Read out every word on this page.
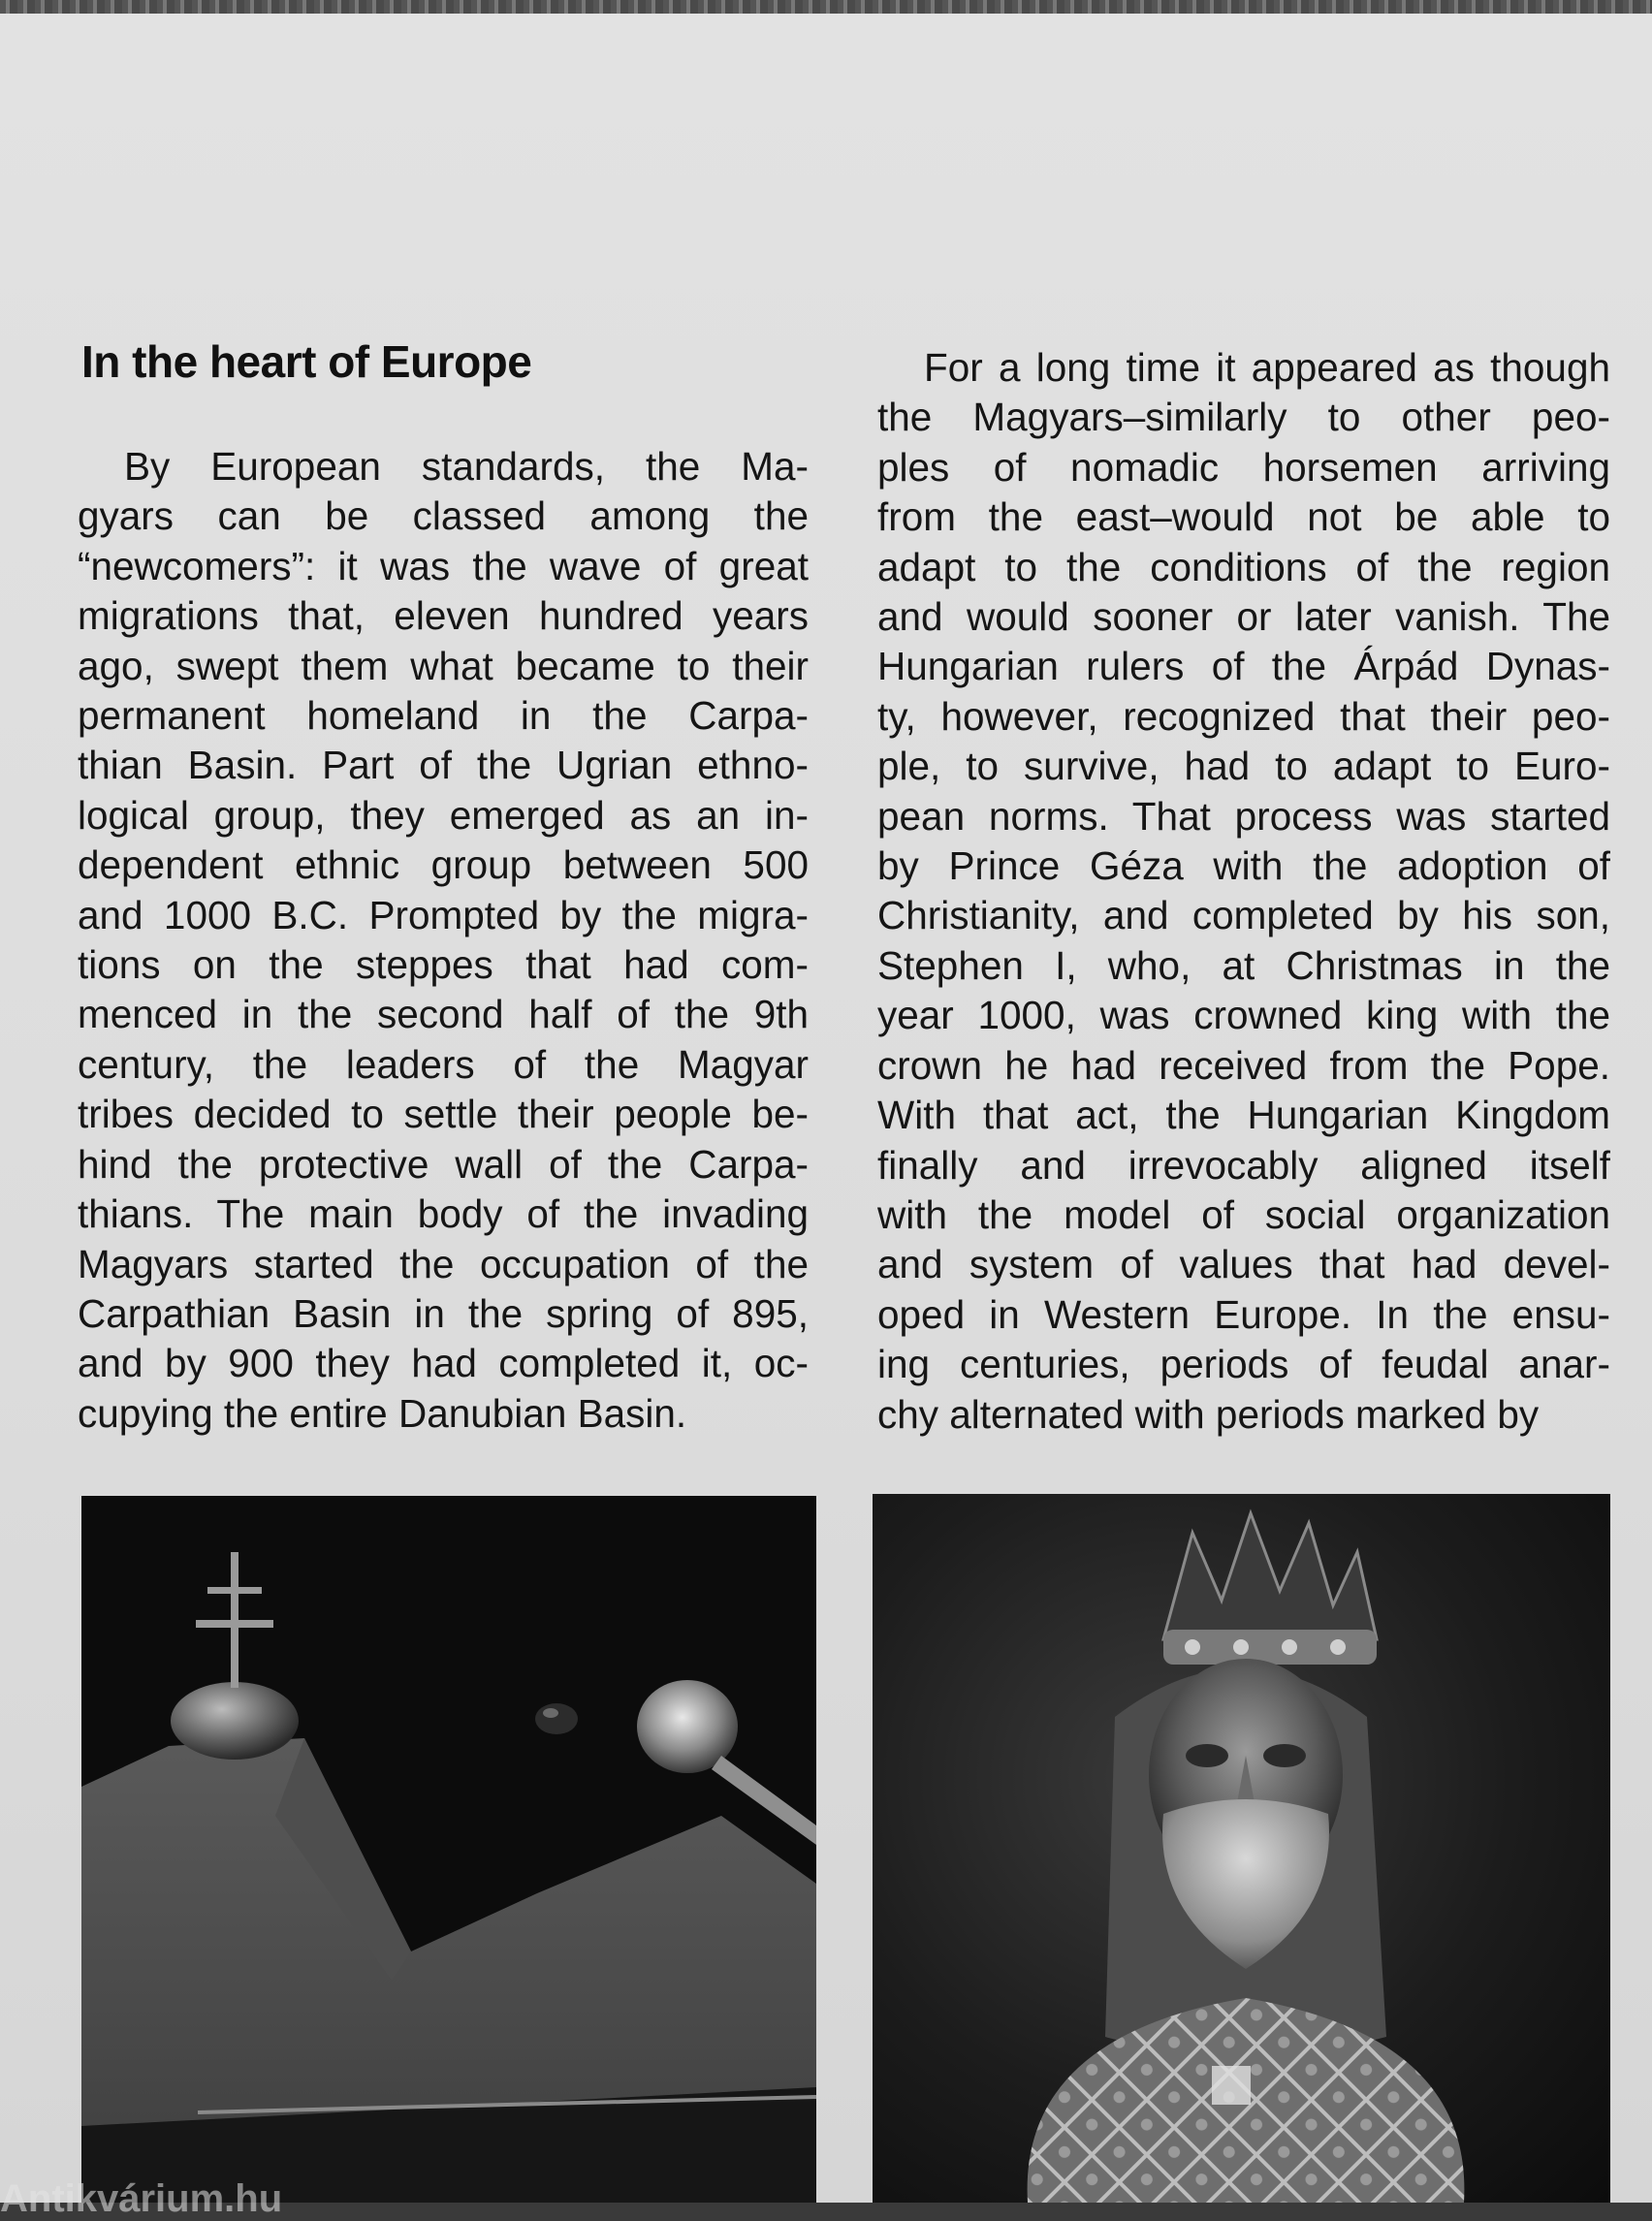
In the heart of Europe
By European standards, the Ma-
gyars can be classed among the
“newcomers”: it was the wave of great
migrations that, eleven hundred years
ago, swept them what became to their
permanent homeland in the Carpa-
thian Basin. Part of the Ugrian ethno-
logical group, they emerged as an in-
dependent ethnic group between 500
and 1000 B.C. Prompted by the migra-
tions on the steppes that had com-
menced in the second half of the 9th
century, the leaders of the Magyar
tribes decided to settle their people be-
hind the protective wall of the Carpa-
thians. The main body of the invading
Magyars started the occupation of the
Carpathian Basin in the spring of 895,
and by 900 they had completed it, oc-
cupying the entire Danubian Basin.
For a long time it appeared as though
the Magyars–similarly to other peo-
ples of nomadic horsemen arriving
from the east–would not be able to
adapt to the conditions of the region
and would sooner or later vanish. The
Hungarian rulers of the Árpád Dynas-
ty, however, recognized that their peo-
ple, to survive, had to adapt to Euro-
pean norms. That process was started
by Prince Géza with the adoption of
Christianity, and completed by his son,
Stephen I, who, at Christmas in the
year 1000, was crowned king with the
crown he had received from the Pope.
With that act, the Hungarian Kingdom
finally and irrevocably aligned itself
with the model of social organization
and system of values that had devel-
oped in Western Europe. In the ensu-
ing centuries, periods of feudal anar-
chy alternated with periods marked by
Antikvárium.hu
